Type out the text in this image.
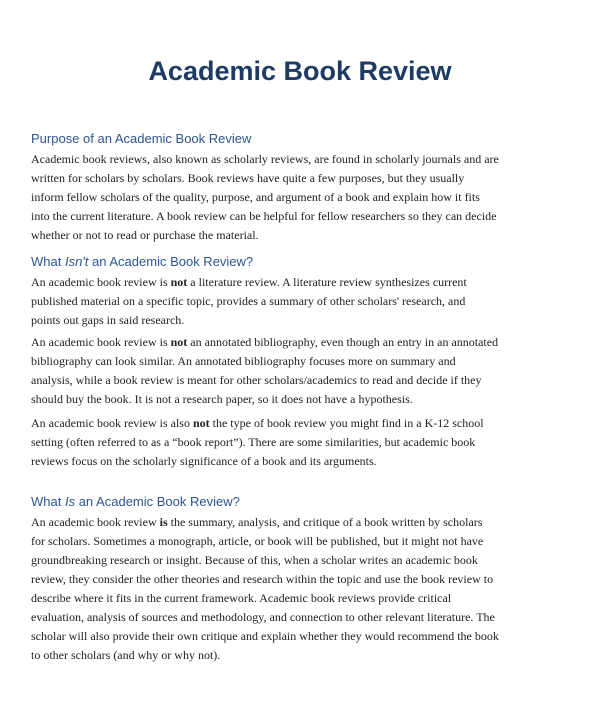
Academic Book Review
Purpose of an Academic Book Review

Academic book reviews, also known as scholarly reviews, are found in scholarly journals and are
written for scholars by scholars. Book reviews have quite a few purposes, but they usually
inform fellow scholars of the quality, purpose, and argument of a book and explain how it fits
into the current literature. A book review can be helpful for fellow researchers so they can decide
whether or not to read or purchase the material.

What Isn't an Academic Book Review?

An academic book review is not a literature review. A literature review synthesizes current
published material on a specific topic, provides a summary of other scholars' research, and
points out gaps in said research.

An academic book review is not an annotated bibliography, even though an entry in an annotated
bibliography can look similar. An annotated bibliography focuses more on summary and
analysis, while a book review is meant for other scholars/academics to read and decide if they
should buy the book. It is not a research paper, so it does not have a hypothesis.

An academic book review is also not the type of book review you might find in a K-12 school
setting (often referred to as a “book report”). There are some similarities, but academic book
reviews focus on the scholarly significance of a book and its arguments.

What Is an Academic Book Review?

An academic book review is the summary, analysis, and critique of a book written by scholars
for scholars. Sometimes a monograph, article, or book will be published, but it might not have
groundbreaking research or insight. Because of this, when a scholar writes an academic book
review, they consider the other theories and research within the topic and use the book review to
describe where it fits in the current framework. Academic book reviews provide critical
evaluation, analysis of sources and methodology, and connection to other relevant literature. The
scholar will also provide their own critique and explain whether they would recommend the book
to other scholars (and why or why not).
